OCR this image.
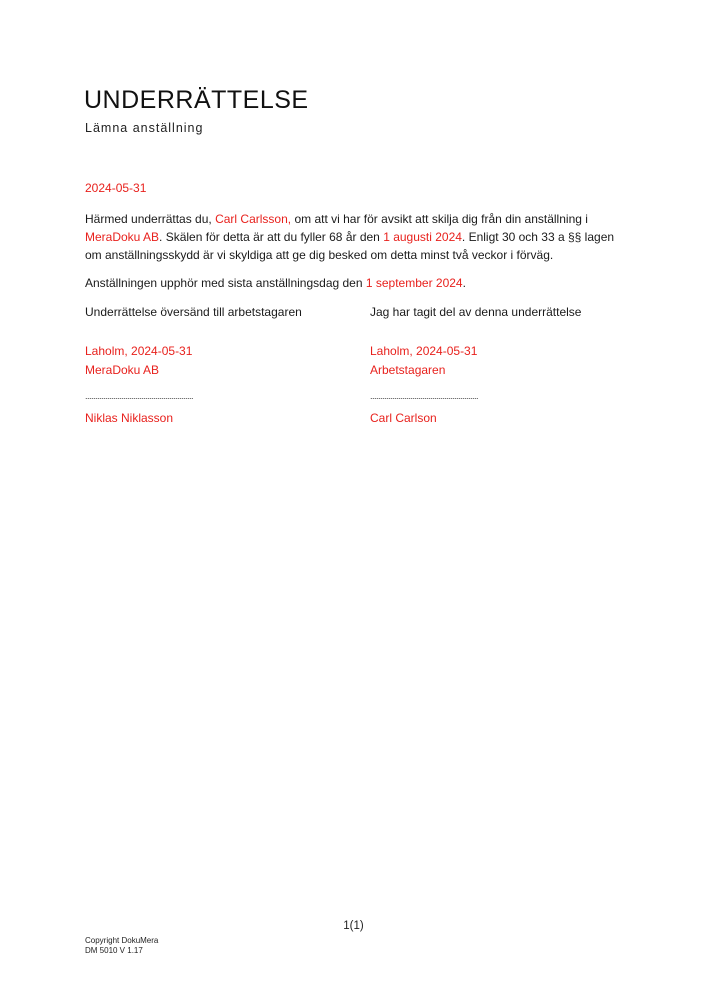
UNDERRÄTTELSE
Lämna anställning
2024-05-31

Härmed underrättas du, Carl Carlsson, om att vi har för avsikt att skilja dig från din anställning i MeraDoku AB. Skälen för detta är att du fyller 68 år den 1 augusti 2024. Enligt 30 och 33 a §§ lagen om anställningsskydd är vi skyldiga att ge dig besked om detta minst två veckor i förväg.

Anställningen upphör med sista anställningsdag den 1 september 2024.

Underrättelse översänd till arbetstagaren
Laholm, 2024-05-31
MeraDoku AB
......................................................
Niklas Niklasson
Jag har tagit del av denna underrättelse
Laholm, 2024-05-31
Arbetstagaren
......................................................
Carl Carlson
1(1)
Copyright DokuMera
DM 5010 V 1.17
